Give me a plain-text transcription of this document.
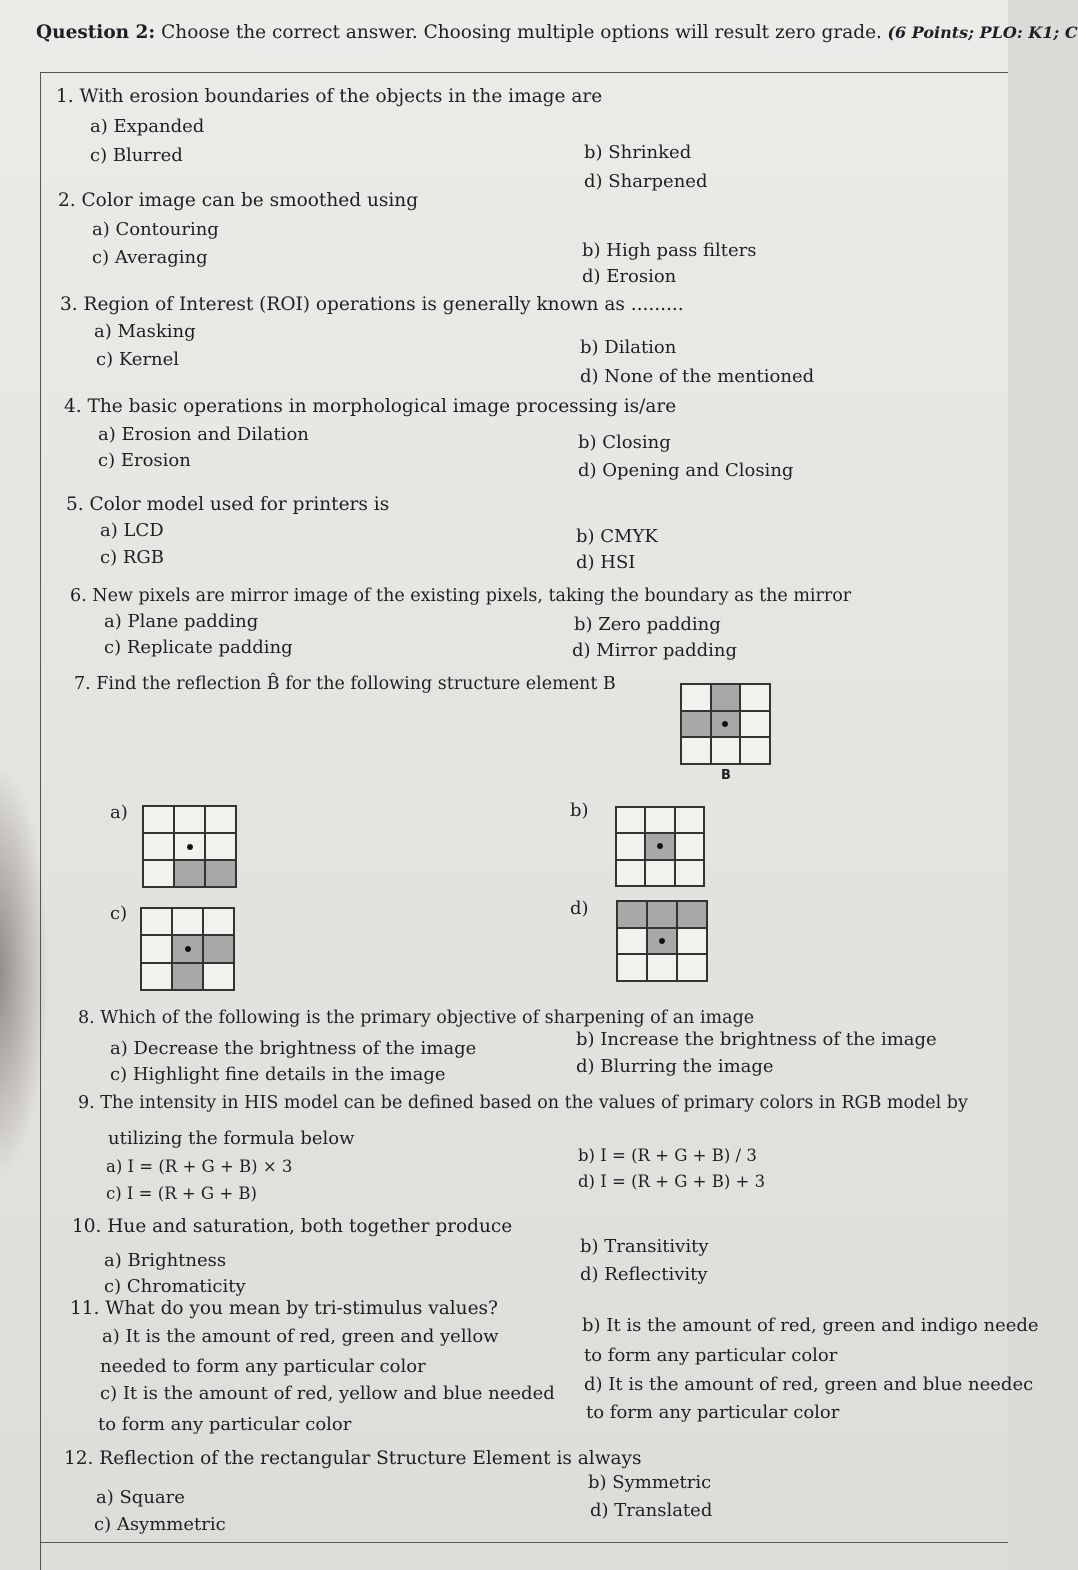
Question 2: Choose the correct answer. Choosing multiple options will result zero grade. (6 Points; PLO: K1; C
1. With erosion boundaries of the objects in the image are
a) Expanded
b) Shrinked
c) Blurred
d) Sharpened
2. Color image can be smoothed using
a) Contouring
b) High pass filters
c) Averaging
d) Erosion
3. Region of Interest (ROI) operations is generally known as .........
a) Masking
b) Dilation
c) Kernel
d) None of the mentioned
4. The basic operations in morphological image processing is/are
a) Erosion and Dilation	b) Closing
c) Erosion	d) Opening and Closing
5. Color model used for printers is
a) LCD	b) CMYK
c) RGB	d) HSI
6. New pixels are mirror image of the existing pixels, taking the boundary as the mirror
a) Plane padding	b) Zero padding
c) Replicate padding	d) Mirror padding
7. Find the reflection B̂ for the following structure element B
B
a)	b)
c)	d)
8. Which of the following is the primary objective of sharpening of an image
a) Decrease the brightness of the image	b) Increase the brightness of the image
c) Highlight fine details in the image	d) Blurring the image
9. The intensity in HIS model can be defined based on the values of primary colors in RGB model by
utilizing the formula below
a) I = (R + G + B) × 3
b) I = (R + G + B) / 3
c) I = (R + G + B)
d) I = (R + G + B) + 3
10. Hue and saturation, both together produce
a) Brightness
b) Transitivity
c) Chromaticity
d) Reflectivity
11. What do you mean by tri-stimulus values?
a) It is the amount of red, green and yellow
needed to form any particular color
b) It is the amount of red, green and indigo neede
to form any particular color
c) It is the amount of red, yellow and blue needed
to form any particular color
d) It is the amount of red, green and blue needec
to form any particular color
12. Reflection of the rectangular Structure Element is always
a) Square
b) Symmetric
c) Asymmetric
d) Translated
